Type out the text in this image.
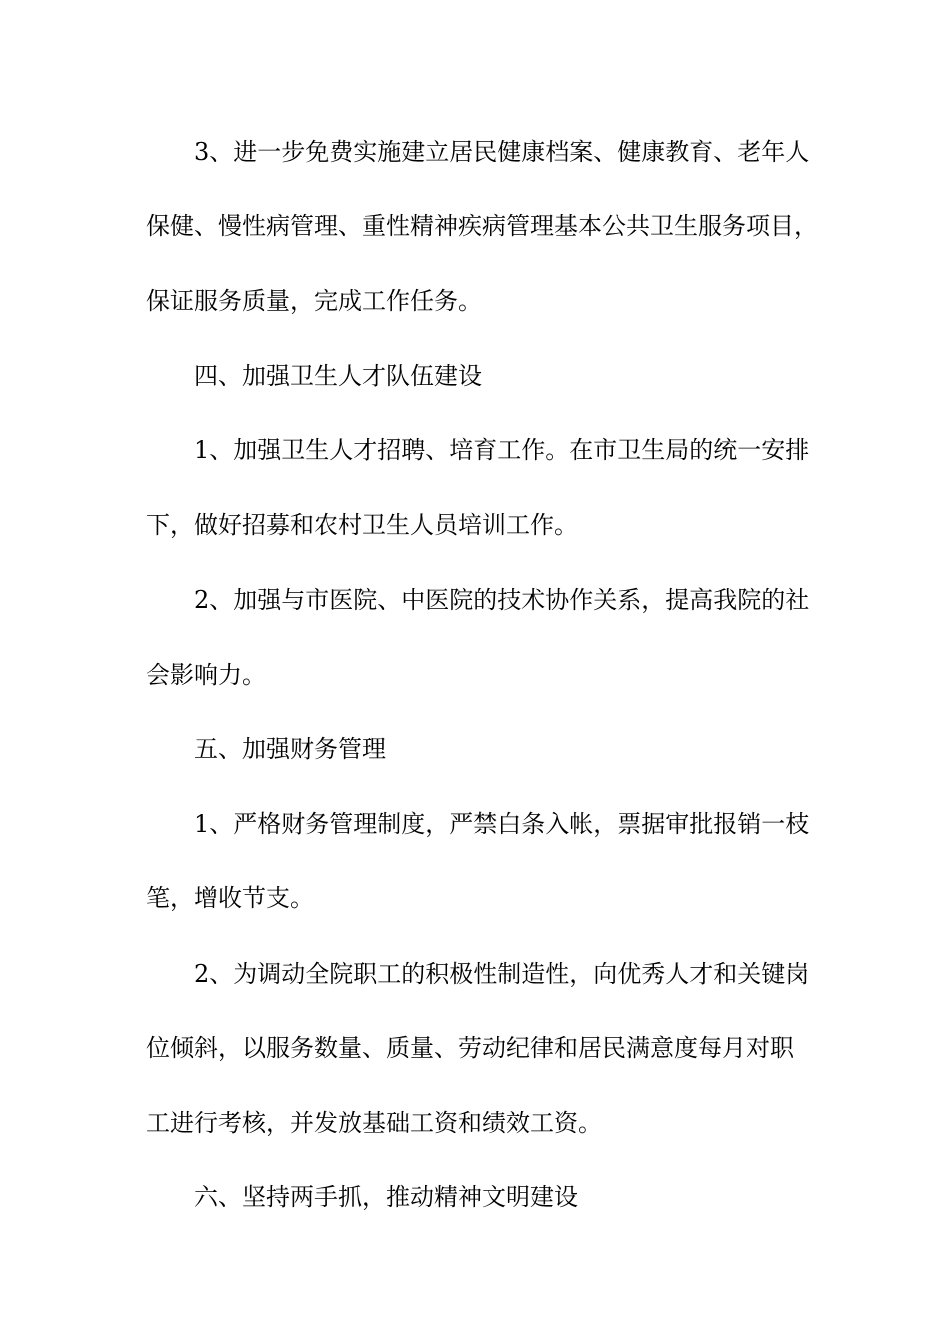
3、进一步免费实施建立居民健康档案、健康教育、老年人
保健、慢性病管理、重性精神疾病管理基本公共卫生服务项目，
保证服务质量，完成工作任务。
四、加强卫生人才队伍建设
1、加强卫生人才招聘、培育工作。在市卫生局的统一安排
下，做好招募和农村卫生人员培训工作。
2、加强与市医院、中医院的技术协作关系，提高我院的社
会影响力。
五、加强财务管理
1、严格财务管理制度，严禁白条入帐，票据审批报销一枝
笔，增收节支。
2、为调动全院职工的积极性制造性，向优秀人才和关键岗
位倾斜，以服务数量、质量、劳动纪律和居民满意度每月对职
工进行考核，并发放基础工资和绩效工资。
六、坚持两手抓，推动精神文明建设
